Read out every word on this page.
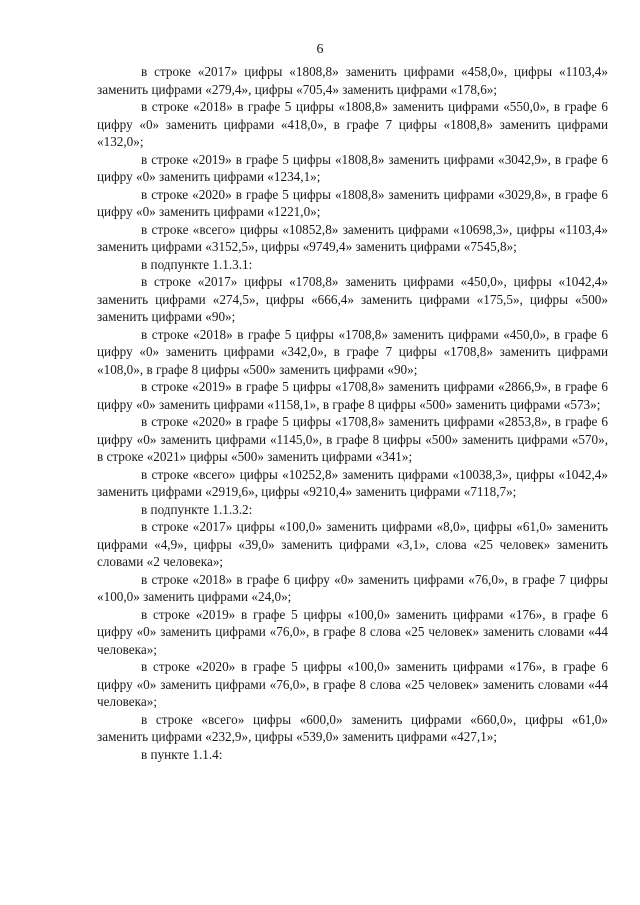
6

в строке «2017» цифры «1808,8» заменить цифрами «458,0», цифры «1103,4» заменить цифрами «279,4», цифры «705,4» заменить цифрами «178,6»;

в строке «2018» в графе 5 цифры «1808,8» заменить цифрами «550,0», в графе 6 цифру «0» заменить цифрами «418,0», в графе 7 цифры «1808,8» заменить цифрами «132,0»;

в строке «2019» в графе 5 цифры «1808,8» заменить цифрами «3042,9», в графе 6 цифру «0» заменить цифрами «1234,1»;

в строке «2020» в графе 5 цифры «1808,8» заменить цифрами «3029,8», в графе 6 цифру «0» заменить цифрами «1221,0»;

в строке «всего» цифры «10852,8» заменить цифрами «10698,3», цифры «1103,4» заменить цифрами «3152,5», цифры «9749,4» заменить цифрами «7545,8»;

в подпункте 1.1.3.1:

в строке «2017» цифры «1708,8» заменить цифрами «450,0», цифры «1042,4» заменить цифрами «274,5», цифры «666,4» заменить цифрами «175,5», цифры «500» заменить цифрами «90»;

в строке «2018» в графе 5 цифры «1708,8» заменить цифрами «450,0», в графе 6 цифру «0» заменить цифрами «342,0», в графе 7 цифры «1708,8» заменить цифрами «108,0», в графе 8 цифры «500» заменить цифрами «90»;

в строке «2019» в графе 5 цифры «1708,8» заменить цифрами «2866,9», в графе 6 цифру «0» заменить цифрами «1158,1», в графе 8 цифры «500» заменить цифрами «573»;

в строке «2020» в графе 5 цифры «1708,8» заменить цифрами «2853,8», в графе 6 цифру «0» заменить цифрами «1145,0», в графе 8 цифры «500» заменить цифрами «570», в строке «2021» цифры «500» заменить цифрами «341»;

в строке «всего» цифры «10252,8» заменить цифрами «10038,3», цифры «1042,4» заменить цифрами «2919,6», цифры «9210,4» заменить цифрами «7118,7»;

в подпункте 1.1.3.2:

в строке «2017» цифры «100,0» заменить цифрами «8,0», цифры «61,0» заменить цифрами «4,9», цифры «39,0» заменить цифрами «3,1», слова «25 человек» заменить словами «2 человека»;

в строке «2018» в графе 6 цифру «0» заменить цифрами «76,0», в графе 7 цифры «100,0» заменить цифрами «24,0»;

в строке «2019» в графе 5 цифры «100,0» заменить цифрами «176», в графе 6 цифру «0» заменить цифрами «76,0», в графе 8 слова «25 человек» заменить словами «44 человека»;

в строке «2020» в графе 5 цифры «100,0» заменить цифрами «176», в графе 6 цифру «0» заменить цифрами «76,0», в графе 8 слова «25 человек» заменить словами «44 человека»;

в строке «всего» цифры «600,0» заменить цифрами «660,0», цифры «61,0» заменить цифрами «232,9», цифры «539,0» заменить цифрами «427,1»;

в пункте 1.1.4:
